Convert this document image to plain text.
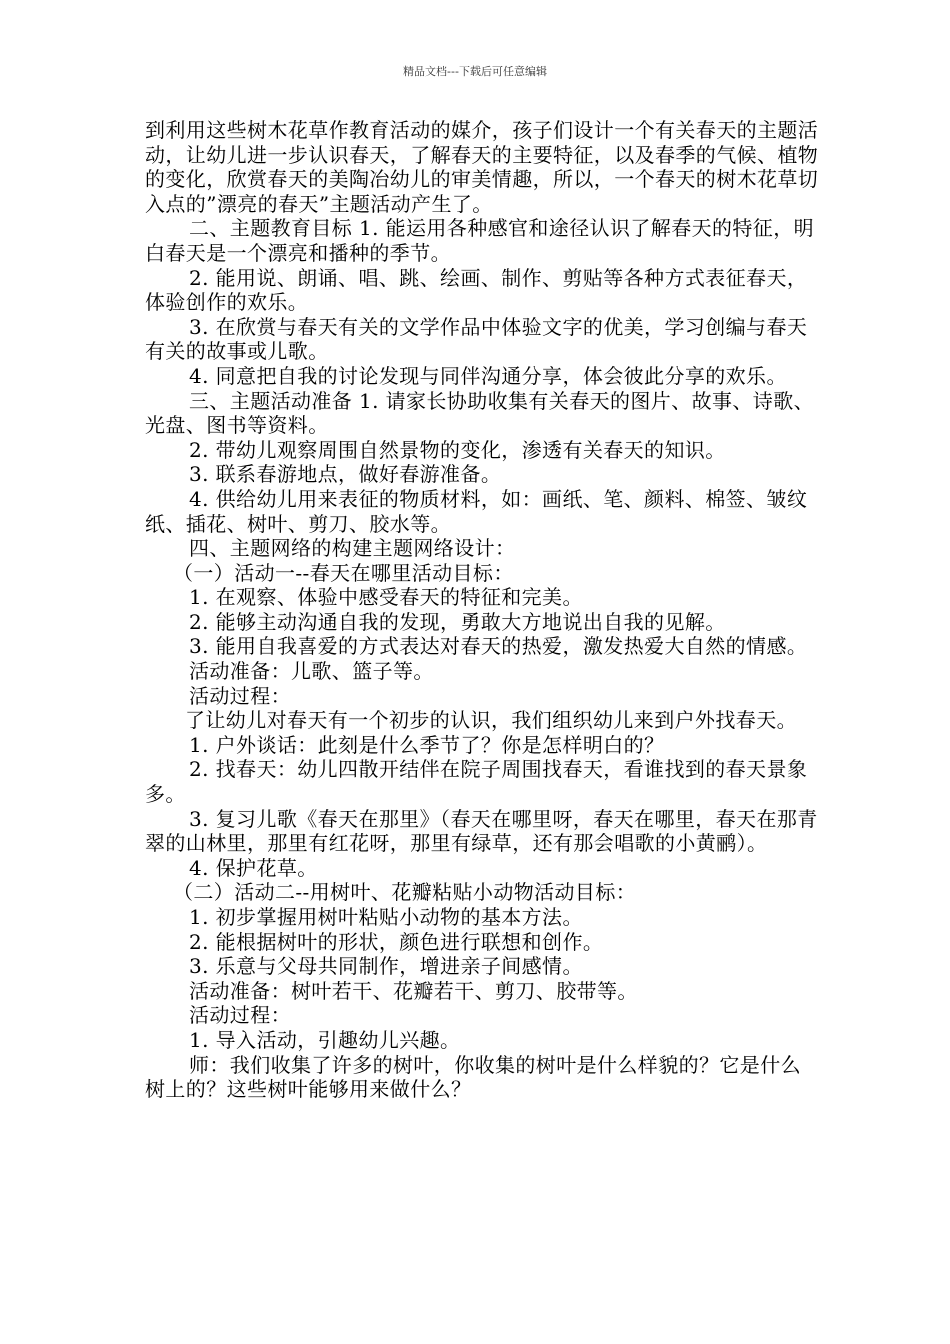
精品文档---下载后可任意编辑

到利用这些树木花草作教育活动的媒介，孩子们设计一个有关春天的主题活动，让幼儿进一步认识春天，了解春天的主要特征，以及春季的气候、植物的变化，欣赏春天的美陶冶幼儿的审美情趣，所以，一个春天的树木花草切入点的”漂亮的春天”主题活动产生了。

二、主题教育目标 1. 能运用各种感官和途径认识了解春天的特征，明白春天是一个漂亮和播种的季节。

2. 能用说、朗诵、唱、跳、绘画、制作、剪贴等各种方式表征春天，体验创作的欢乐。

3. 在欣赏与春天有关的文学作品中体验文字的优美，学习创编与春天有关的故事或儿歌。

4. 同意把自我的讨论发现与同伴沟通分享，体会彼此分享的欢乐。

三、主题活动准备 1. 请家长协助收集有关春天的图片、故事、诗歌、光盘、图书等资料。

2. 带幼儿观察周围自然景物的变化，渗透有关春天的知识。

3. 联系春游地点，做好春游准备。

4. 供给幼儿用来表征的物质材料，如：画纸、笔、颜料、棉签、皱纹纸、插花、树叶、剪刀、胶水等。

四、主题网络的构建主题网络设计：

（一）活动一--春天在哪里活动目标：

1. 在观察、体验中感受春天的特征和完美。

2. 能够主动沟通自我的发现，勇敢大方地说出自我的见解。

3. 能用自我喜爱的方式表达对春天的热爱，激发热爱大自然的情感。

活动准备：儿歌、篮子等。

活动过程：

了让幼儿对春天有一个初步的认识，我们组织幼儿来到户外找春天。

1. 户外谈话：此刻是什么季节了？你是怎样明白的？

2. 找春天：幼儿四散开结伴在院子周围找春天，看谁找到的春天景象多。

3. 复习儿歌《春天在那里》（春天在哪里呀，春天在哪里，春天在那青翠的山林里，那里有红花呀，那里有绿草，还有那会唱歌的小黄鹂）。

4. 保护花草。

（二）活动二--用树叶、花瓣粘贴小动物活动目标：

1. 初步掌握用树叶粘贴小动物的基本方法。

2. 能根据树叶的形状，颜色进行联想和创作。

3. 乐意与父母共同制作，增进亲子间感情。

活动准备：树叶若干、花瓣若干、剪刀、胶带等。

活动过程：

1. 导入活动，引趣幼儿兴趣。

师：我们收集了许多的树叶，你收集的树叶是什么样貌的？它是什么树上的？这些树叶能够用来做什么？
